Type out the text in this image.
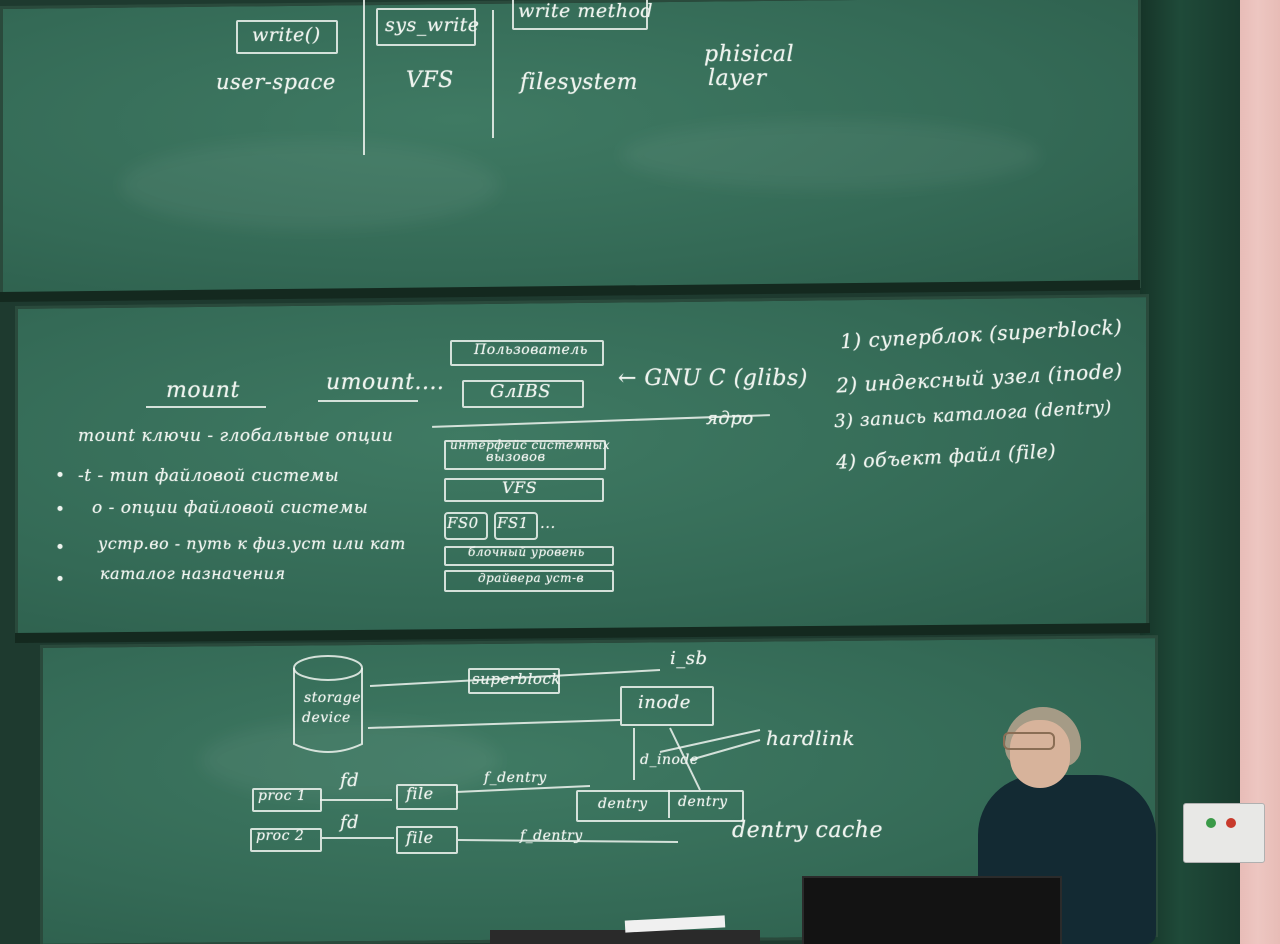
write()	sys_write
write method
user-space	VFS	filesystem
phisical
layer
mount	umount....
mount ключи - глобальные опции
• -t - тип файловой системы
• o - опции файловой системы
• устр.во - путь к физ.уст или кат
• каталог назначения
Пользователь
GлIBS
← GNU C (glibs)
ядро
интерфейс системных
вызовов
VFS
FS0 FS1 ...
блочный уровень
драйвера уст-в
1) суперблок (superblock)
2) индексный узел (inode)
3) запись каталога (dentry)
4) объект файл (file)
storage
device
superblock
i_sb
inode
hardlink
d_inode
proc 1
fd
file
f_dentry
dentry dentry
proc 2
fd
file	f_dentry	dentry cache
